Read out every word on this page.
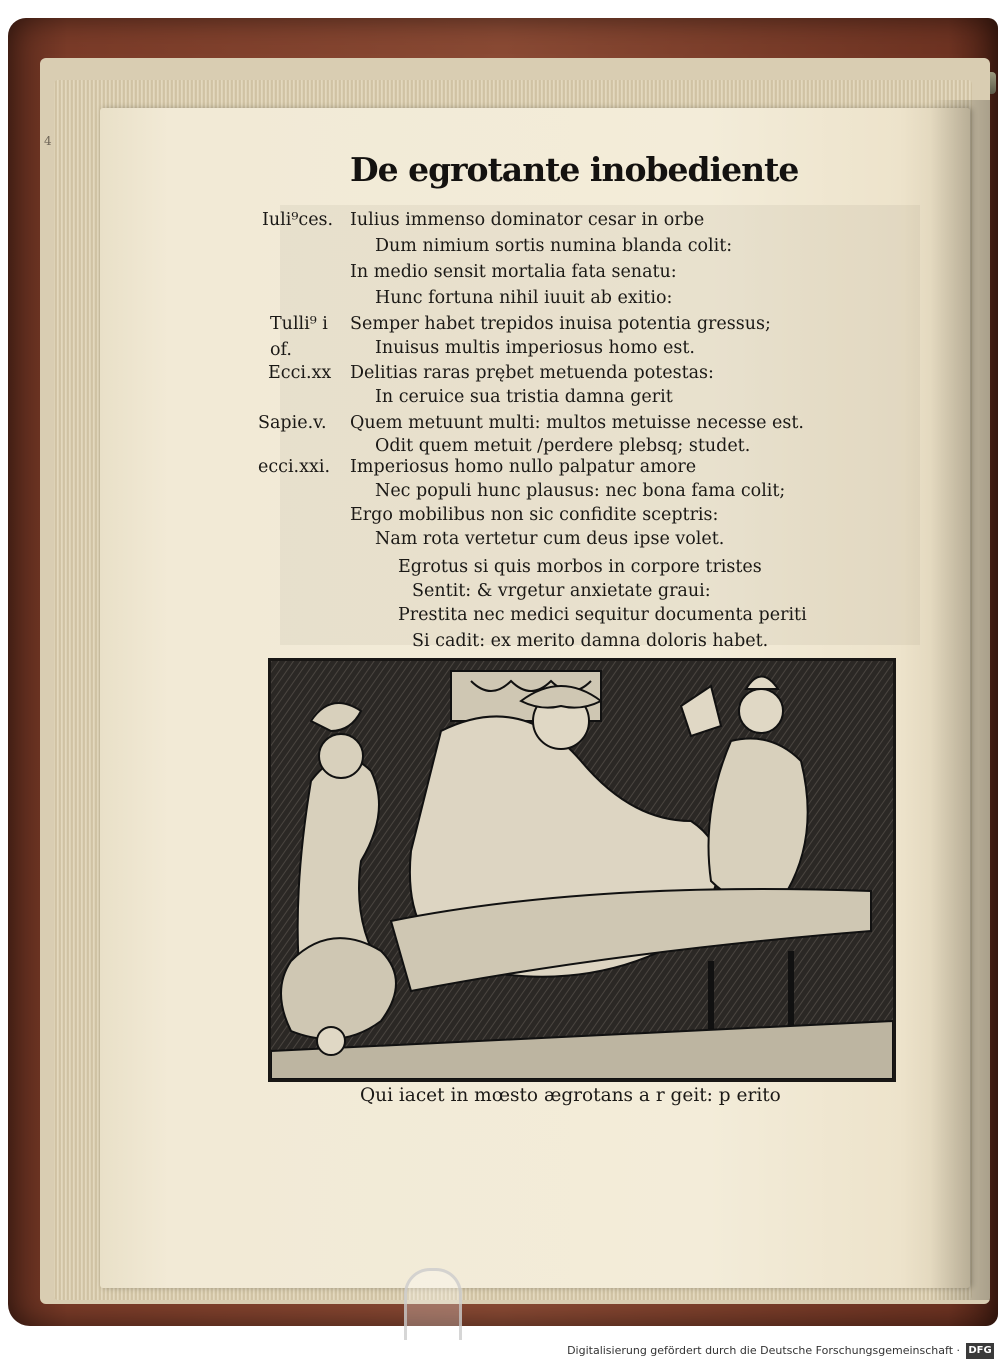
4
De egrotante inobediente
Iuli⁹ces.
Tulli⁹ i
of.
Ecci.xx
Sapie.v.
ecci.xxi.
Iulius immenso dominator cesar in orbe
Dum nimium sortis numina blanda colit:
In medio sensit mortalia fata senatu:
Hunc fortuna nihil iuuit ab exitio:
Semper habet trepidos inuisa potentia gressus;
Inuisus multis imperiosus homo est.
Delitias raras prębet metuenda potestas:
In ceruice sua tristia damna gerit
Quem metuunt multi: multos metuisse necesse est.
Odit quem metuit /perdere plebsq; studet.
Imperiosus homo nullo palpatur amore
Nec populi hunc plausus: nec bona fama colit;
Ergo mobilibus non sic confidite sceptris:
Nam rota vertetur cum deus ipse volet.
Egrotus si quis morbos in corpore tristes
Sentit: & vrgetur anxietate graui:
Prestita nec medici sequitur documenta periti
Si cadit: ex merito damna doloris habet.
Qui iacet in mœsto ægrotans a r geit: p erito
Digitalisierung gefördert durch die Deutsche Forschungsgemeinschaft · DFG
